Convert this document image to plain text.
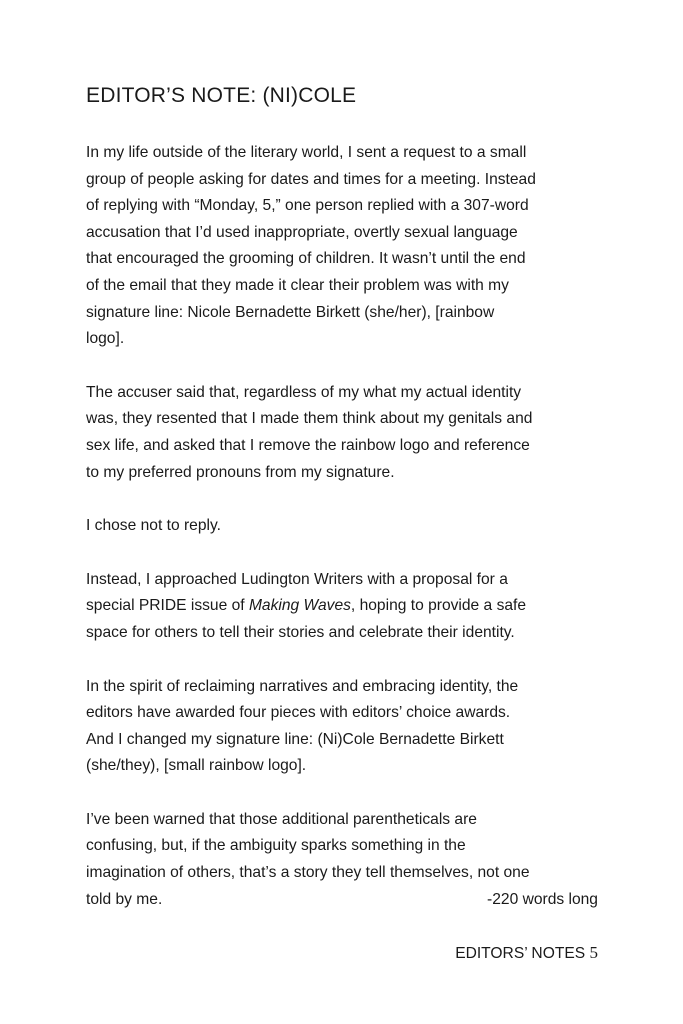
EDITOR’S NOTE: (NI)COLE

In my life outside of the literary world, I sent a request to a small
group of people asking for dates and times for a meeting. Instead
of replying with “Monday, 5,” one person replied with a 307-word
accusation that I’d used inappropriate, overtly sexual language
that encouraged the grooming of children. It wasn’t until the end
of the email that they made it clear their problem was with my
signature line: Nicole Bernadette Birkett (she/her), [rainbow
logo].

The accuser said that, regardless of my what my actual identity
was, they resented that I made them think about my genitals and
sex life, and asked that I remove the rainbow logo and reference
to my preferred pronouns from my signature.

I chose not to reply.

Instead, I approached Ludington Writers with a proposal for a
special PRIDE issue of Making Waves, hoping to provide a safe
space for others to tell their stories and celebrate their identity.

In the spirit of reclaiming narratives and embracing identity, the
editors have awarded four pieces with editors’ choice awards.
And I changed my signature line: (Ni)Cole Bernadette Birkett
(she/they), [small rainbow logo].

I’ve been warned that those additional parentheticals are
confusing, but, if the ambiguity sparks something in the
imagination of others, that’s a story they tell themselves, not one
told by me.	-220 words long

EDITORS’ NOTES 5
